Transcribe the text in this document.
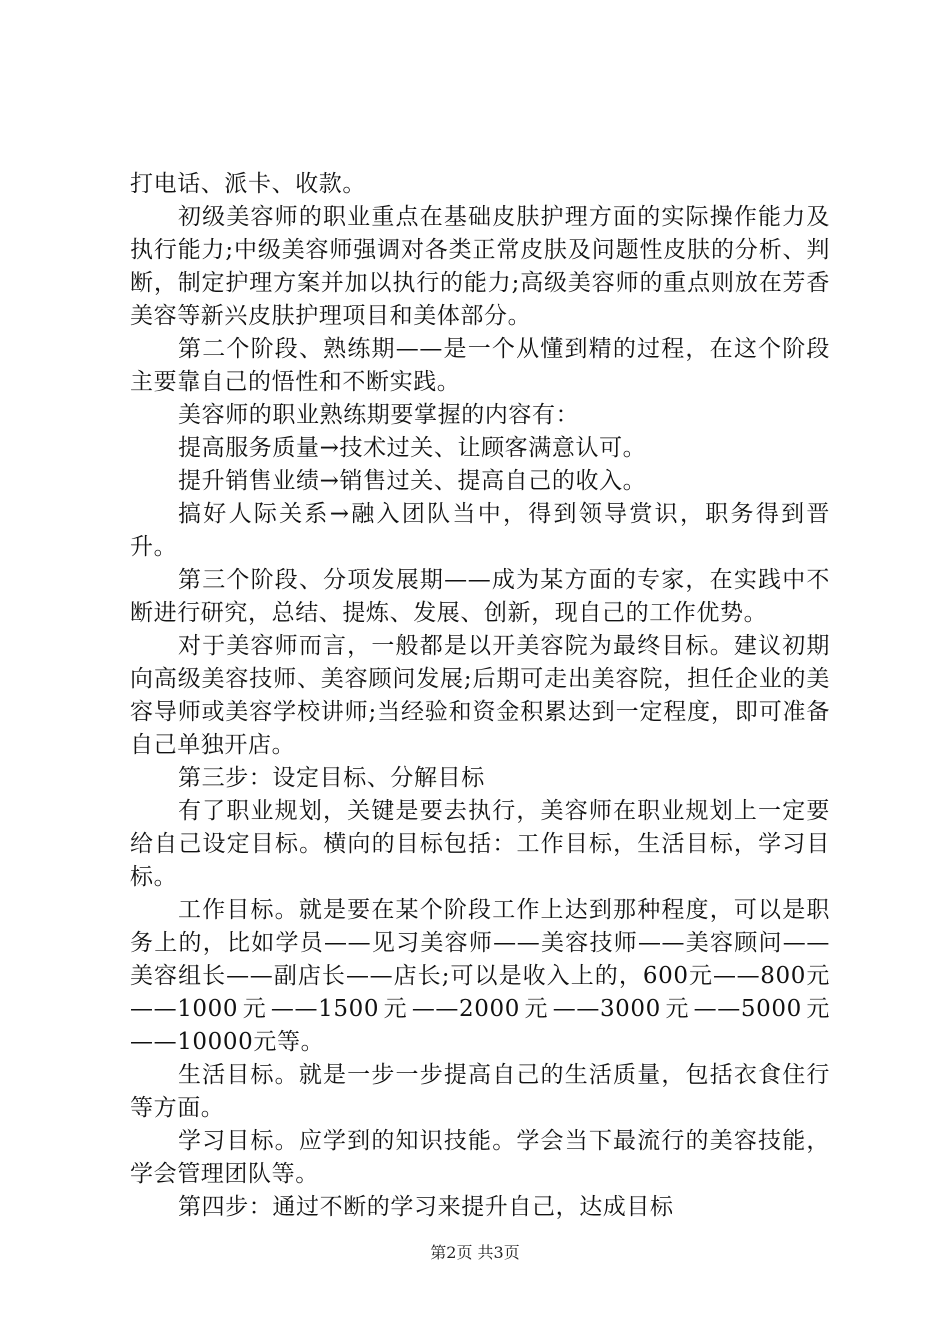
打电话、派卡、收款。

初级美容师的职业重点在基础皮肤护理方面的实际操作能力及执行能力;中级美容师强调对各类正常皮肤及问题性皮肤的分析、判断，制定护理方案并加以执行的能力;高级美容师的重点则放在芳香美容等新兴皮肤护理项目和美体部分。

第二个阶段、熟练期——是一个从懂到精的过程，在这个阶段主要靠自己的悟性和不断实践。

美容师的职业熟练期要掌握的内容有：

提高服务质量→技术过关、让顾客满意认可。

提升销售业绩→销售过关、提高自己的收入。

搞好人际关系→融入团队当中，得到领导赏识，职务得到晋升。

第三个阶段、分项发展期——成为某方面的专家，在实践中不断进行研究，总结、提炼、发展、创新，现自己的工作优势。

对于美容师而言，一般都是以开美容院为最终目标。建议初期向高级美容技师、美容顾问发展;后期可走出美容院，担任企业的美容导师或美容学校讲师;当经验和资金积累达到一定程度，即可准备自己单独开店。

第三步：设定目标、分解目标

有了职业规划，关键是要去执行，美容师在职业规划上一定要给自己设定目标。横向的目标包括：工作目标，生活目标，学习目标。

工作目标。就是要在某个阶段工作上达到那种程度，可以是职务上的，比如学员——见习美容师——美容技师——美容顾问——美容组长——副店长——店长;可以是收入上的，600元——800元——1000元——1500元——2000元——3000元——5000元——10000元等。

生活目标。就是一步一步提高自己的生活质量，包括衣食住行等方面。

学习目标。应学到的知识技能。学会当下最流行的美容技能，学会管理团队等。

第四步：通过不断的学习来提升自己，达成目标

第2页 共3页
